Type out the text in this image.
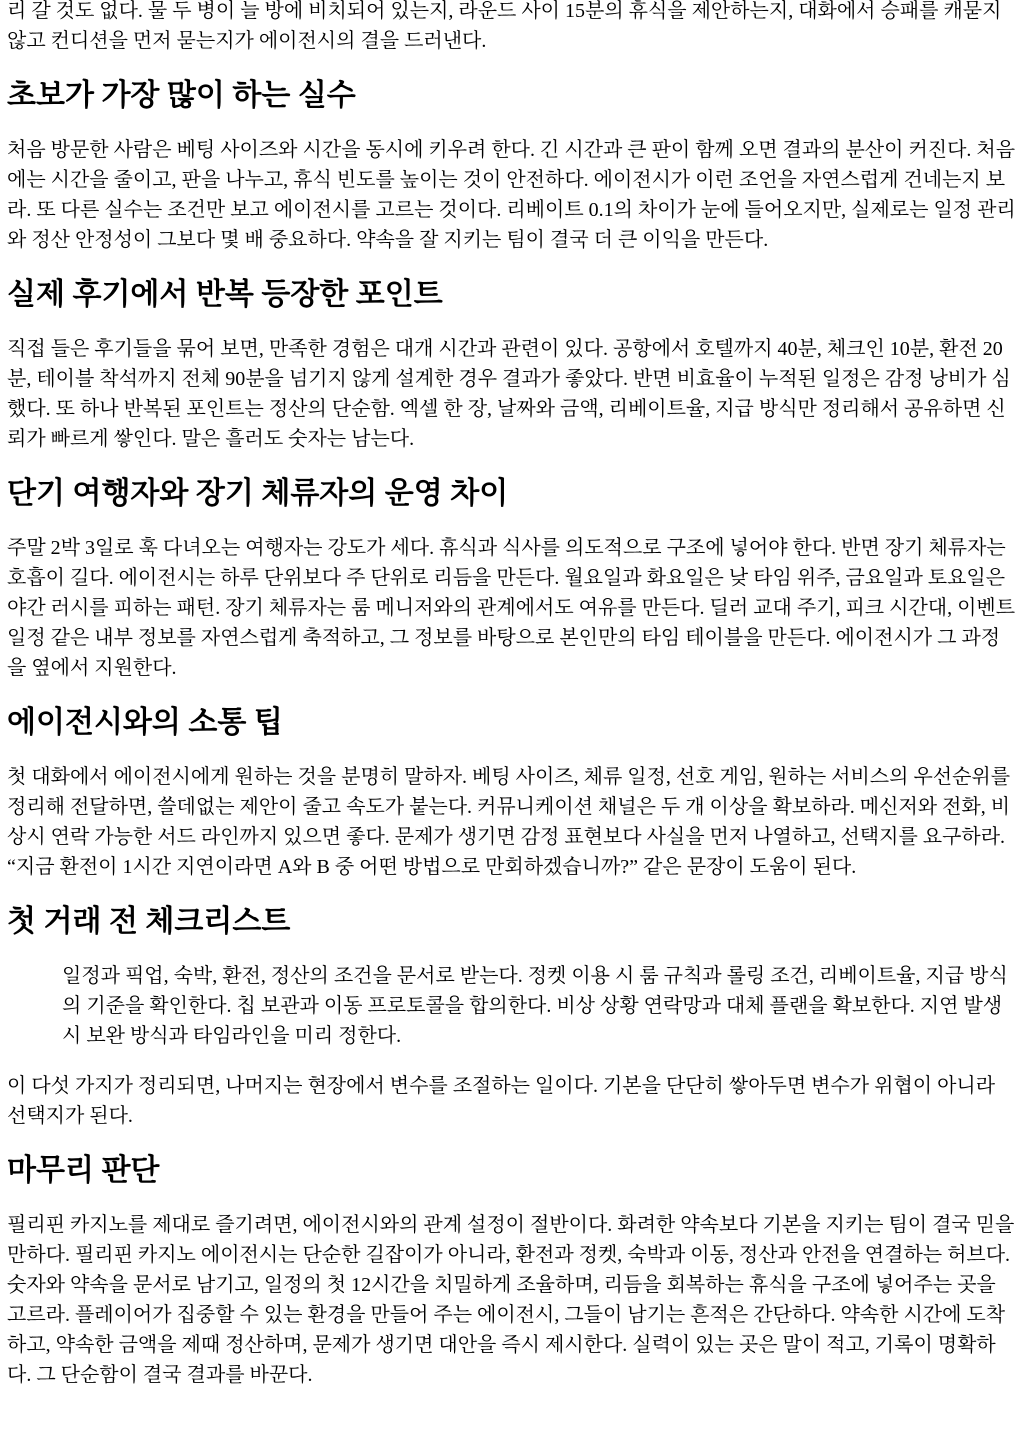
리 갈 것도 없다. 물 두 병이 늘 방에 비치되어 있는지, 라운드 사이 15분의 휴식을 제안하는지, 대화에서 승패를 캐묻지 않고 컨디션을 먼저 묻는지가 에이전시의 결을 드러낸다.

초보가 가장 많이 하는 실수

처음 방문한 사람은 베팅 사이즈와 시간을 동시에 키우려 한다. 긴 시간과 큰 판이 함께 오면 결과의 분산이 커진다. 처음에는 시간을 줄이고, 판을 나누고, 휴식 빈도를 높이는 것이 안전하다. 에이전시가 이런 조언을 자연스럽게 건네는지 보라. 또 다른 실수는 조건만 보고 에이전시를 고르는 것이다. 리베이트 0.1의 차이가 눈에 들어오지만, 실제로는 일정 관리와 정산 안정성이 그보다 몇 배 중요하다. 약속을 잘 지키는 팀이 결국 더 큰 이익을 만든다.

실제 후기에서 반복 등장한 포인트

직접 들은 후기들을 묶어 보면, 만족한 경험은 대개 시간과 관련이 있다. 공항에서 호텔까지 40분, 체크인 10분, 환전 20분, 테이블 착석까지 전체 90분을 넘기지 않게 설계한 경우 결과가 좋았다. 반면 비효율이 누적된 일정은 감정 낭비가 심했다. 또 하나 반복된 포인트는 정산의 단순함. 엑셀 한 장, 날짜와 금액, 리베이트율, 지급 방식만 정리해서 공유하면 신뢰가 빠르게 쌓인다. 말은 흘러도 숫자는 남는다.

단기 여행자와 장기 체류자의 운영 차이

주말 2박 3일로 훅 다녀오는 여행자는 강도가 세다. 휴식과 식사를 의도적으로 구조에 넣어야 한다. 반면 장기 체류자는 호흡이 길다. 에이전시는 하루 단위보다 주 단위로 리듬을 만든다. 월요일과 화요일은 낮 타임 위주, 금요일과 토요일은 야간 러시를 피하는 패턴. 장기 체류자는 룸 메니저와의 관계에서도 여유를 만든다. 딜러 교대 주기, 피크 시간대, 이벤트 일정 같은 내부 정보를 자연스럽게 축적하고, 그 정보를 바탕으로 본인만의 타임 테이블을 만든다. 에이전시가 그 과정을 옆에서 지원한다.

에이전시와의 소통 팁

첫 대화에서 에이전시에게 원하는 것을 분명히 말하자. 베팅 사이즈, 체류 일정, 선호 게임, 원하는 서비스의 우선순위를 정리해 전달하면, 쓸데없는 제안이 줄고 속도가 붙는다. 커뮤니케이션 채널은 두 개 이상을 확보하라. 메신저와 전화, 비상시 연락 가능한 서드 라인까지 있으면 좋다. 문제가 생기면 감정 표현보다 사실을 먼저 나열하고, 선택지를 요구하라. “지금 환전이 1시간 지연이라면 A와 B 중 어떤 방법으로 만회하겠습니까?” 같은 문장이 도움이 된다.

첫 거래 전 체크리스트

일정과 픽업, 숙박, 환전, 정산의 조건을 문서로 받는다. 정켓 이용 시 룸 규칙과 롤링 조건, 리베이트율, 지급 방식의 기준을 확인한다. 칩 보관과 이동 프로토콜을 합의한다. 비상 상황 연락망과 대체 플랜을 확보한다. 지연 발생 시 보완 방식과 타임라인을 미리 정한다.

이 다섯 가지가 정리되면, 나머지는 현장에서 변수를 조절하는 일이다. 기본을 단단히 쌓아두면 변수가 위협이 아니라 선택지가 된다.

마무리 판단

필리핀 카지노를 제대로 즐기려면, 에이전시와의 관계 설정이 절반이다. 화려한 약속보다 기본을 지키는 팀이 결국 믿을 만하다. 필리핀 카지노 에이전시는 단순한 길잡이가 아니라, 환전과 정켓, 숙박과 이동, 정산과 안전을 연결하는 허브다. 숫자와 약속을 문서로 남기고, 일정의 첫 12시간을 치밀하게 조율하며, 리듬을 회복하는 휴식을 구조에 넣어주는 곳을 고르라. 플레이어가 집중할 수 있는 환경을 만들어 주는 에이전시, 그들이 남기는 흔적은 간단하다. 약속한 시간에 도착하고, 약속한 금액을 제때 정산하며, 문제가 생기면 대안을 즉시 제시한다. 실력이 있는 곳은 말이 적고, 기록이 명확하다. 그 단순함이 결국 결과를 바꾼다.
